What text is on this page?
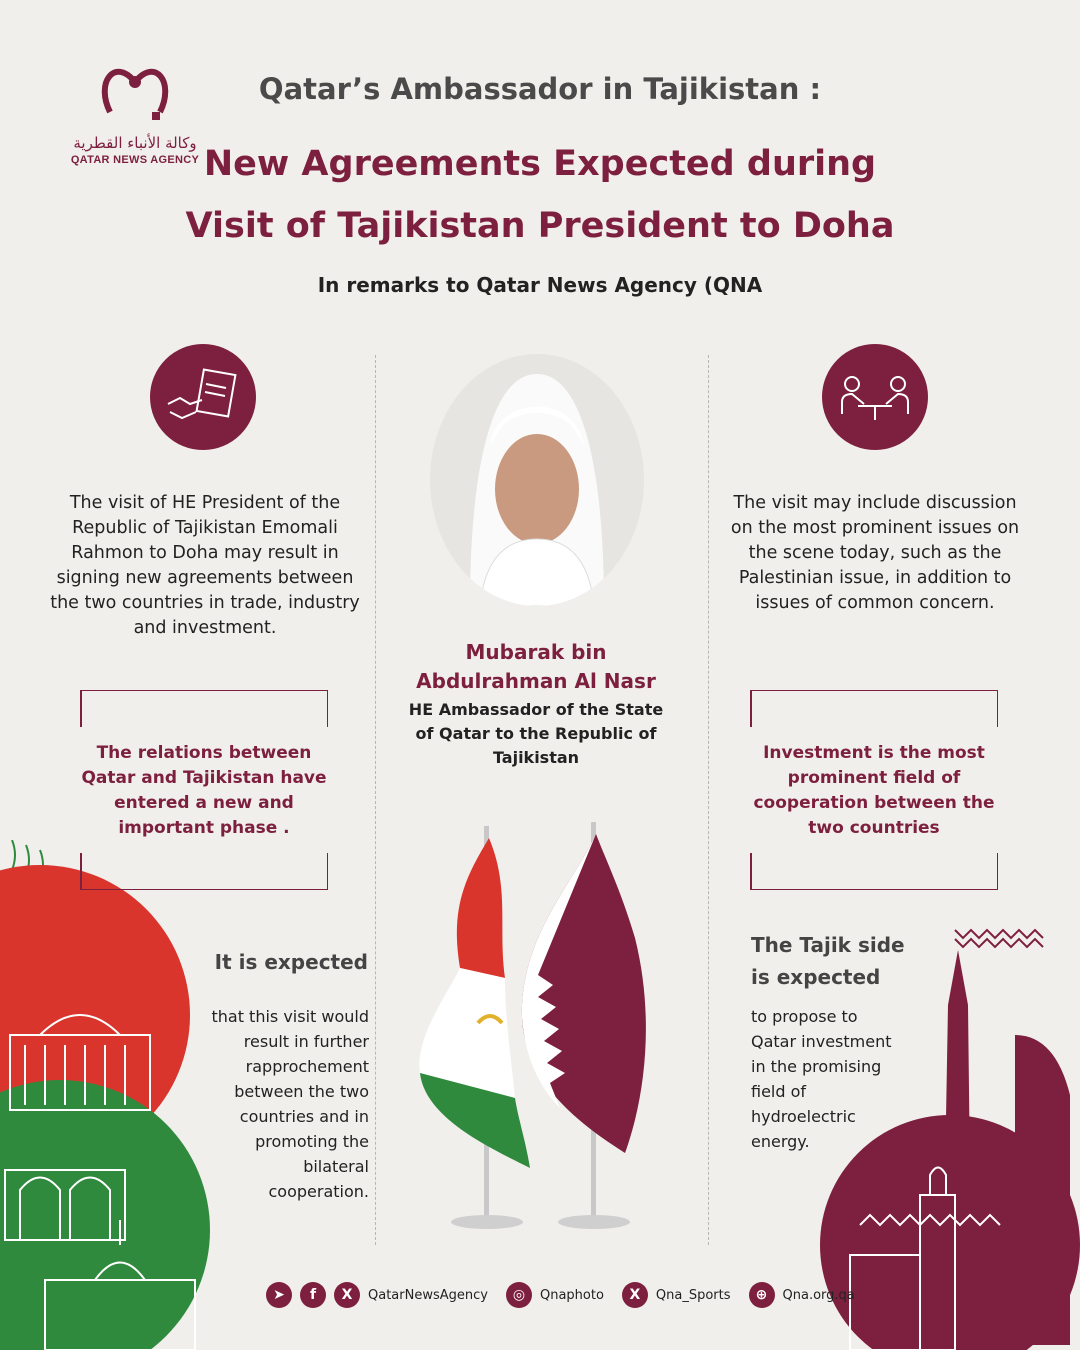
وكالة الأنباء القطرية
QATAR NEWS AGENCY
Qatar’s Ambassador in Tajikistan :
New Agreements Expected during
Visit of Tajikistan President to Doha
In remarks to Qatar News Agency (QNA
The visit of HE President of the Republic of Tajikistan Emomali Rahmon to Doha may result in signing new agreements between the two countries in trade, industry and investment.
The relations between Qatar and Tajikistan have entered a new and important phase .
It is expected
that this visit would result in further rapprochement between the two countries and in promoting the bilateral cooperation.
Mubarak bin
Abdulrahman Al Nasr
HE Ambassador of the State of Qatar to the Republic of Tajikistan
The visit may include discussion on the most prominent issues on the scene today, such as the Palestinian issue, in addition to issues of common concern.
Investment is the most prominent field of cooperation between the two countries
The Tajik side
is expected
to propose to Qatar investment in the promising field of hydroelectric energy.
➤	f	X	QatarNewsAgency	◎	Qnaphoto	X	Qna_Sports	⊕	Qna.org.qa
